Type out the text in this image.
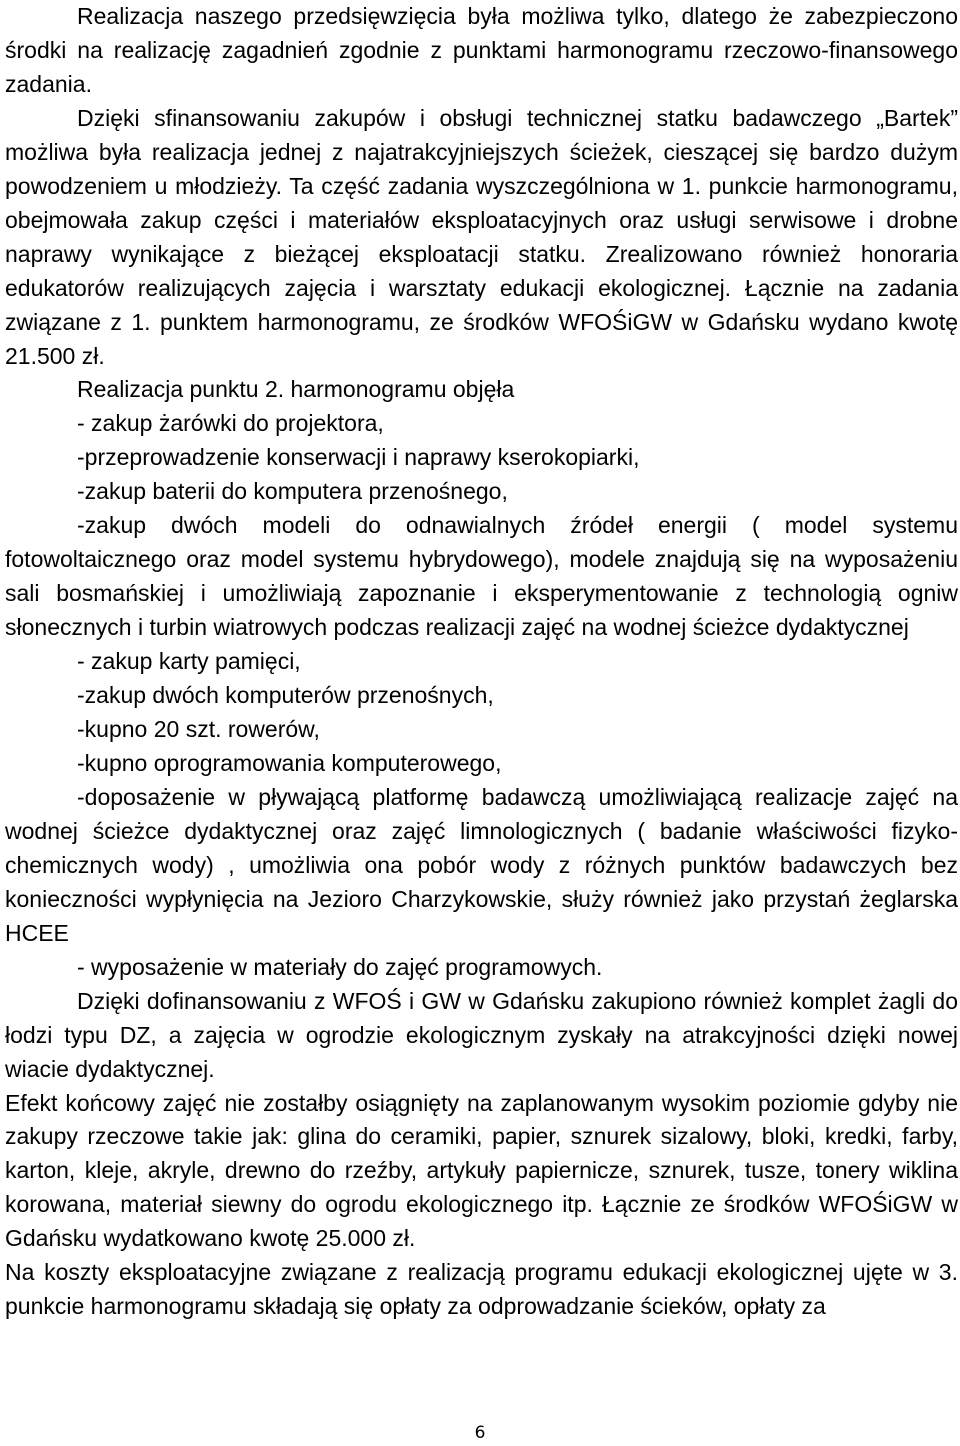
Realizacja naszego przedsięwzięcia była możliwa tylko, dlatego że zabezpieczono środki na realizację zagadnień zgodnie z punktami harmonogramu rzeczowo-finansowego zadania.

Dzięki sfinansowaniu zakupów i obsługi technicznej statku badawczego „Bartek” możliwa była realizacja jednej z najatrakcyjniejszych ścieżek, cieszącej się bardzo dużym powodzeniem u młodzieży. Ta część zadania wyszczególniona w 1. punkcie harmonogramu, obejmowała zakup części i materiałów eksploatacyjnych oraz usługi serwisowe i drobne naprawy wynikające z bieżącej eksploatacji statku. Zrealizowano również honoraria edukatorów realizujących zajęcia i warsztaty edukacji ekologicznej. Łącznie na zadania związane z 1. punktem harmonogramu, ze środków WFOŚiGW w Gdańsku wydano kwotę 21.500 zł.

Realizacja punktu 2. harmonogramu objęła

- zakup żarówki do projektora,

-przeprowadzenie konserwacji i naprawy kserokopiarki,

-zakup baterii do komputera przenośnego,

-zakup dwóch modeli do odnawialnych źródeł energii ( model systemu fotowoltaicznego oraz model systemu hybrydowego), modele znajdują się na wyposażeniu sali bosmańskiej i umożliwiają zapoznanie i eksperymentowanie z technologią ogniw słonecznych i turbin wiatrowych podczas realizacji zajęć na wodnej ścieżce dydaktycznej

- zakup karty pamięci,

-zakup dwóch komputerów przenośnych,

-kupno 20 szt. rowerów,

-kupno oprogramowania komputerowego,

-doposażenie w pływającą platformę badawczą umożliwiającą realizacje zajęć na wodnej ścieżce dydaktycznej oraz zajęć limnologicznych ( badanie właściwości fizyko-chemicznych wody) , umożliwia ona pobór wody z różnych punktów badawczych bez konieczności wypłynięcia na Jezioro Charzykowskie, służy również jako przystań żeglarska HCEE

- wyposażenie w materiały do zajęć programowych.

Dzięki dofinansowaniu z WFOŚ i GW w Gdańsku zakupiono również komplet żagli do łodzi typu DZ, a zajęcia w ogrodzie ekologicznym zyskały na atrakcyjności dzięki nowej wiacie dydaktycznej.

Efekt końcowy zajęć nie zostałby osiągnięty na zaplanowanym wysokim poziomie gdyby nie zakupy rzeczowe takie jak: glina do ceramiki, papier, sznurek sizalowy, bloki, kredki, farby, karton, kleje, akryle, drewno do rzeźby, artykuły papiernicze, sznurek, tusze, tonery wiklina korowana, materiał siewny do ogrodu ekologicznego itp. Łącznie ze środków WFOŚiGW w Gdańsku wydatkowano kwotę 25.000 zł.

Na koszty eksploatacyjne związane z realizacją programu edukacji ekologicznej ujęte w 3. punkcie harmonogramu składają się opłaty za odprowadzanie ścieków, opłaty za

6
